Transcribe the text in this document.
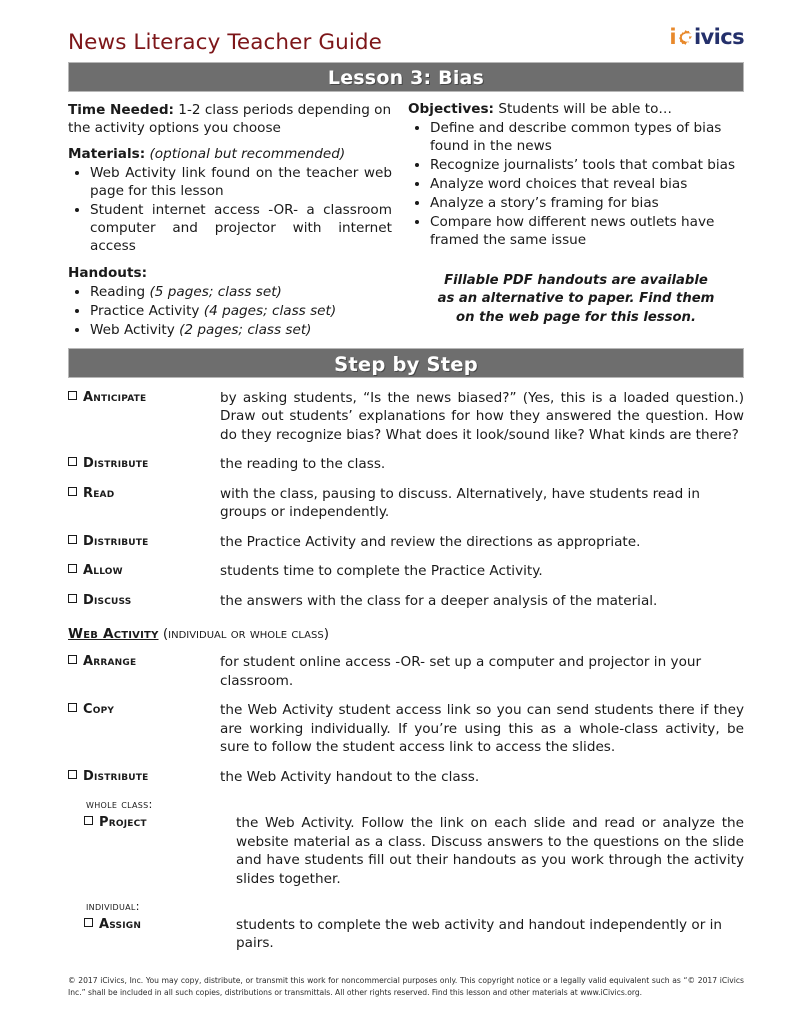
News Literacy Teacher Guide	i ivics
Lesson 3: Bias

Time Needed: 1-2 class periods depending on the activity options you choose

Materials: (optional but recommended)

• Web Activity link found on the teacher web page for this lesson
• Student internet access -OR- a classroom computer and projector with internet access

Handouts:

• Reading (5 pages; class set)
• Practice Activity (4 pages; class set)
• Web Activity (2 pages; class set)

Objectives: Students will be able to…

• Define and describe common types of bias found in the news
• Recognize journalists’ tools that combat bias
• Analyze word choices that reveal bias
• Analyze a story’s framing for bias
• Compare how different news outlets have framed the same issue
Fillable PDF handouts are available
as an alternative to paper. Find them
on the web page for this lesson.
Step by Step
Anticipate	by asking students, “Is the news biased?” (Yes, this is a loaded question.) Draw out students’ explanations for how they answered the question. How do they recognize bias? What does it look/sound like? What kinds are there?
Distribute	the reading to the class.
Read	with the class, pausing to discuss. Alternatively, have students read in groups or independently.
Distribute	the Practice Activity and review the directions as appropriate.
Allow	students time to complete the Practice Activity.
Discuss	the answers with the class for a deeper analysis of the material.
Web Activity (individual or whole class)
Arrange	for student online access -OR- set up a computer and projector in your classroom.
Copy	the Web Activity student access link so you can send students there if they are working individually. If you’re using this as a whole-class activity, be sure to follow the student access link to access the slides.
Distribute	the Web Activity handout to the class.
whole class:
Project	the Web Activity. Follow the link on each slide and read or analyze the website material as a class. Discuss answers to the questions on the slide and have students fill out their handouts as you work through the activity slides together.
individual:
Assign	students to complete the web activity and handout independently or in pairs.
© 2017 iCivics, Inc. You may copy, distribute, or transmit this work for noncommercial purposes only. This copyright notice or a legally valid equivalent such as “© 2017 iCivics Inc.” shall be included in all such copies, distributions or transmittals. All other rights reserved. Find this lesson and other materials at www.iCivics.org.
